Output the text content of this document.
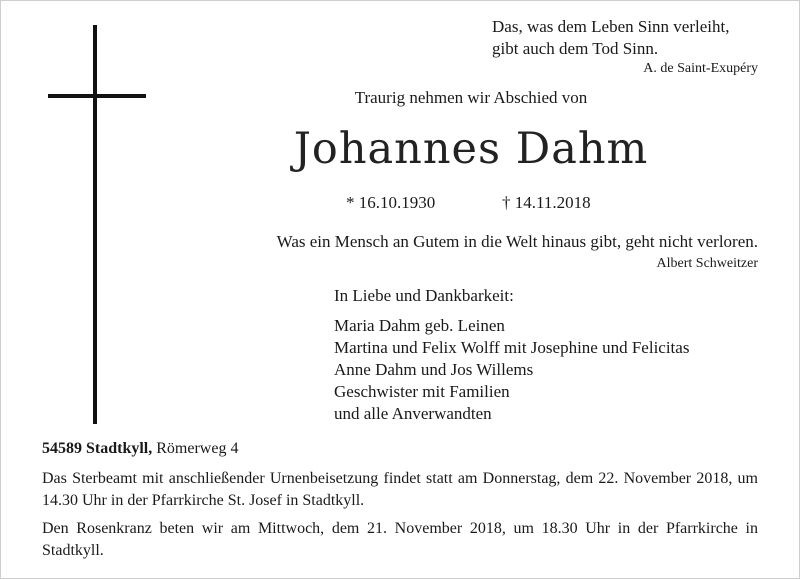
Das, was dem Leben Sinn verleiht,
gibt auch dem Tod Sinn.
A. de Saint-Exupéry
Traurig nehmen wir Abschied von
Johannes Dahm
* 16.10.1930	† 14.11.2018
Was ein Mensch an Gutem in die Welt hinaus gibt, geht nicht verloren.
Albert Schweitzer
In Liebe und Dankbarkeit:
Maria Dahm geb. Leinen
Martina und Felix Wolff mit Josephine und Felicitas
Anne Dahm und Jos Willems
Geschwister mit Familien
und alle Anverwandten
54589 Stadtkyll, Römerweg 4
Das Sterbeamt mit anschließender Urnenbeisetzung findet statt am Donnerstag, dem 22. November 2018, um 14.30 Uhr in der Pfarrkirche St. Josef in Stadtkyll.
Den Rosenkranz beten wir am Mittwoch, dem 21. November 2018, um 18.30 Uhr in der Pfarrkirche in Stadtkyll.
